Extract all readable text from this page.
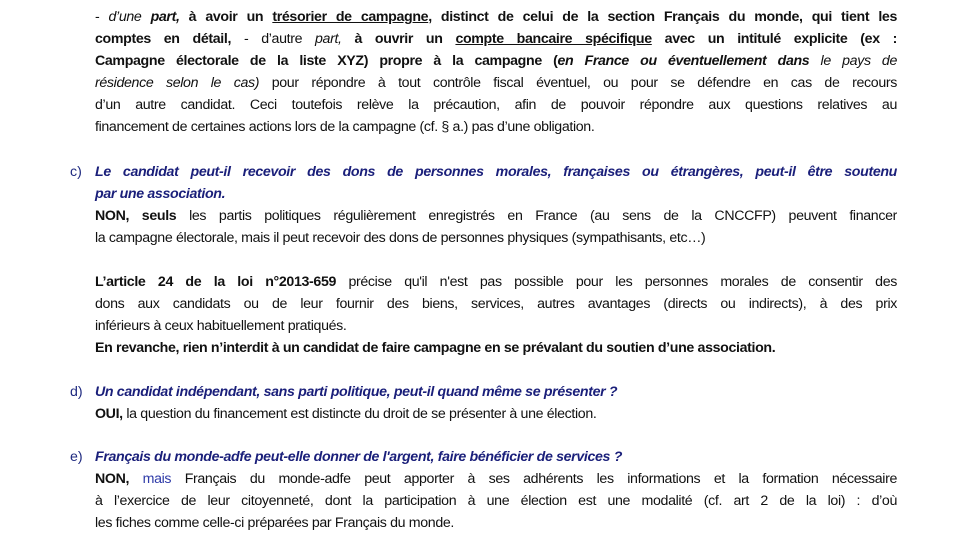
c)
d)
e)
- d’une part, à avoir un trésorier de campagne, distinct de celui de la section Français du monde, qui tient les
comptes en détail, - d’autre part, à ouvrir un compte bancaire spécifique avec un intitulé explicite (ex :
Campagne électorale de la liste XYZ) propre à la campagne (en France ou éventuellement dans le pays de
résidence selon le cas) pour répondre à tout contrôle fiscal éventuel, ou pour se défendre en cas de recours
d’un autre candidat. Ceci toutefois relève la précaution, afin de pouvoir répondre aux questions relatives au
financement de certaines actions lors de la campagne (cf. § a.) pas d’une obligation.
Le candidat peut-il recevoir des dons de personnes morales, françaises ou étrangères, peut-il être soutenu
par une association.
NON, seuls les partis politiques régulièrement enregistrés en France (au sens de la CNCCFP) peuvent financer
la campagne électorale, mais il peut recevoir des dons de personnes physiques (sympathisants, etc…)
L’article 24 de la loi n°2013-659 précise qu'il n'est pas possible pour les personnes morales de consentir des
dons aux candidats ou de leur fournir des biens, services, autres avantages (directs ou indirects), à des prix
inférieurs à ceux habituellement pratiqués.
En revanche, rien n’interdit à un candidat de faire campagne en se prévalant du soutien d’une association.
Un candidat indépendant, sans parti politique, peut-il quand même se présenter ?
OUI, la question du financement est distincte du droit de se présenter à une élection.
Français du monde-adfe peut-elle donner de l'argent, faire bénéficier de services ?
NON, mais Français du monde-adfe peut apporter à ses adhérents les informations et la formation nécessaire
à l’exercice de leur citoyenneté, dont la participation à une élection est une modalité (cf. art 2 de la loi) : d’où
les fiches comme celle-ci préparées par Français du monde.
